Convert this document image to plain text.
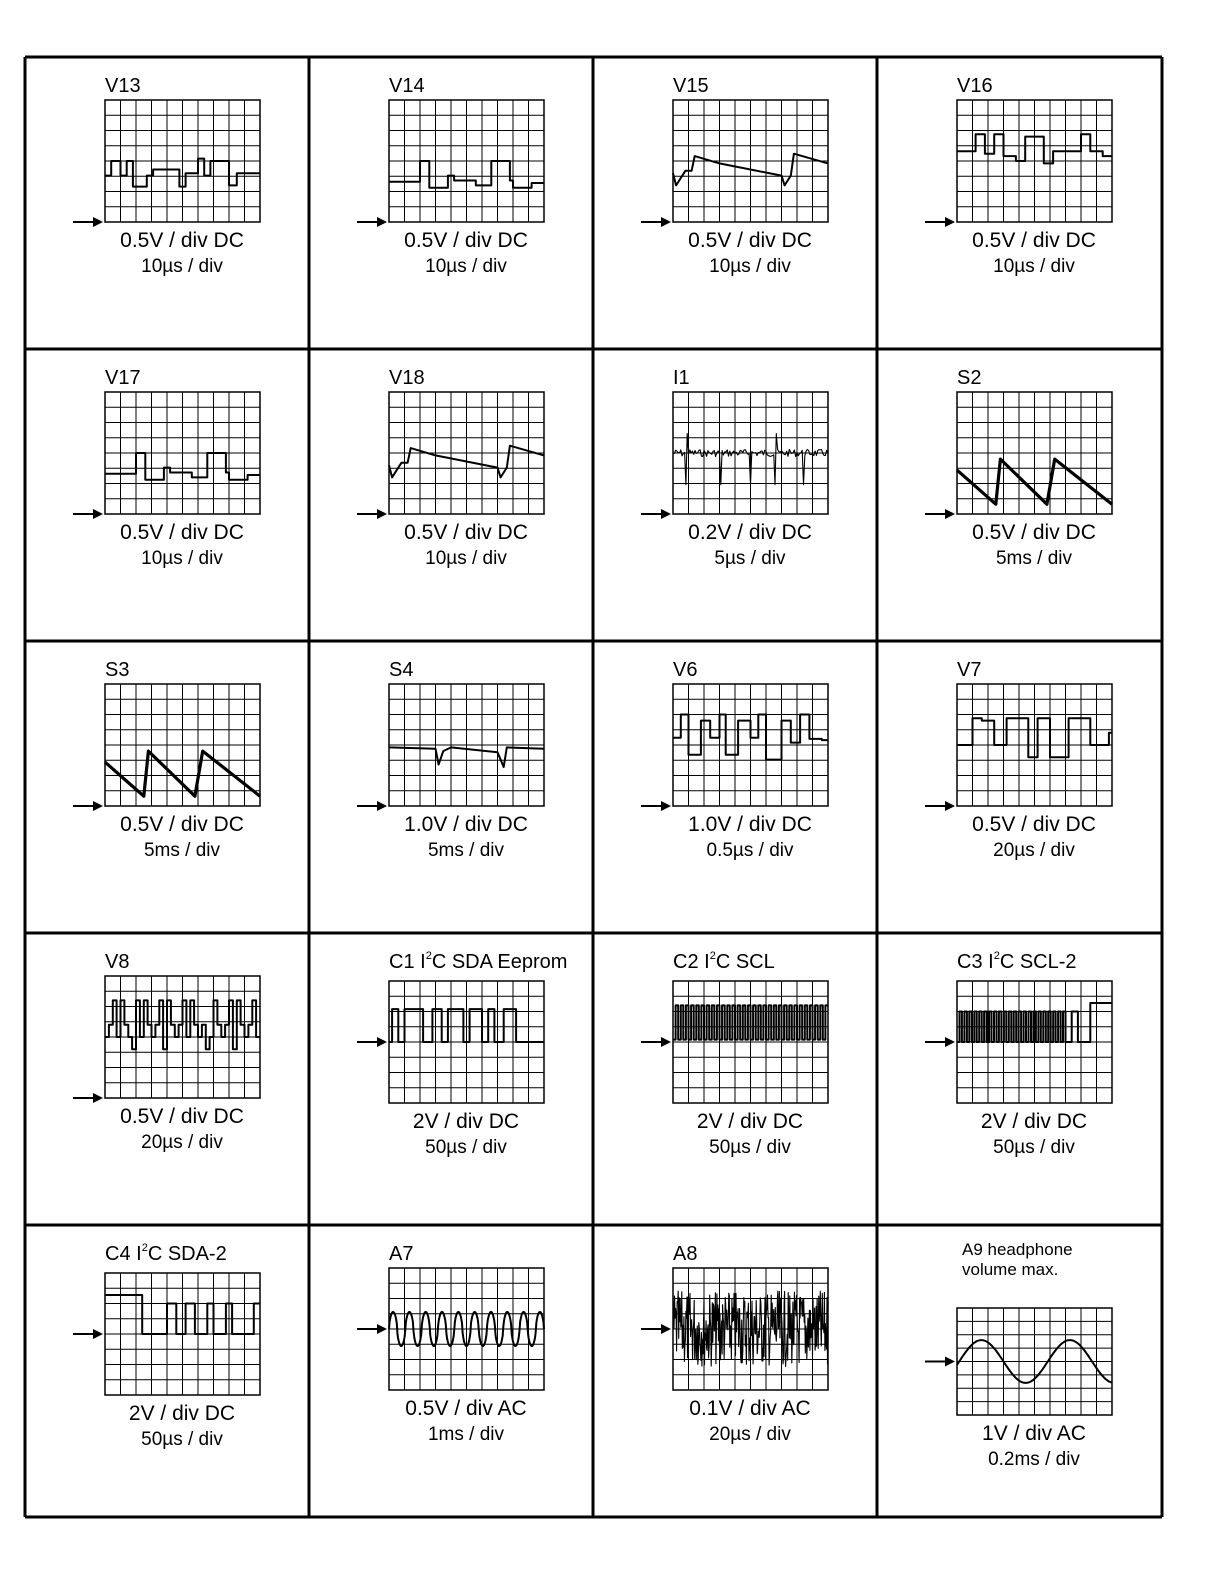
V13
0.5V / div DC
10µs / div
V14
0.5V / div DC
10µs / div
V15
0.5V / div DC
10µs / div
V16
0.5V / div DC
10µs / div
V17
0.5V / div DC
10µs / div
V18
0.5V / div DC
10µs / div
I1
0.2V / div DC
5µs / div
S2
0.5V / div DC
5ms / div
S3
0.5V / div DC
5ms / div
S4
1.0V / div DC
5ms / div
V6
1.0V / div DC
0.5µs / div
V7
0.5V / div DC
20µs / div
V8
0.5V / div DC
20µs / div
C1 $I^2C$ SDA Eeprom
2V / div DC
50µs / div
C2 $I^2C$ SCL
2V / div DC
50µs / div
C3 $I^2C$ SCL-2
2V / div DC
50µs / div
C4 $I^2C$ SDA-2
2V / div DC
50µs / div
A7
0.5V / div AC
1ms / div
A8
0.1V / div AC
20µs / div
A9 headphone
volume max.
1V / div AC
0.2ms / div
